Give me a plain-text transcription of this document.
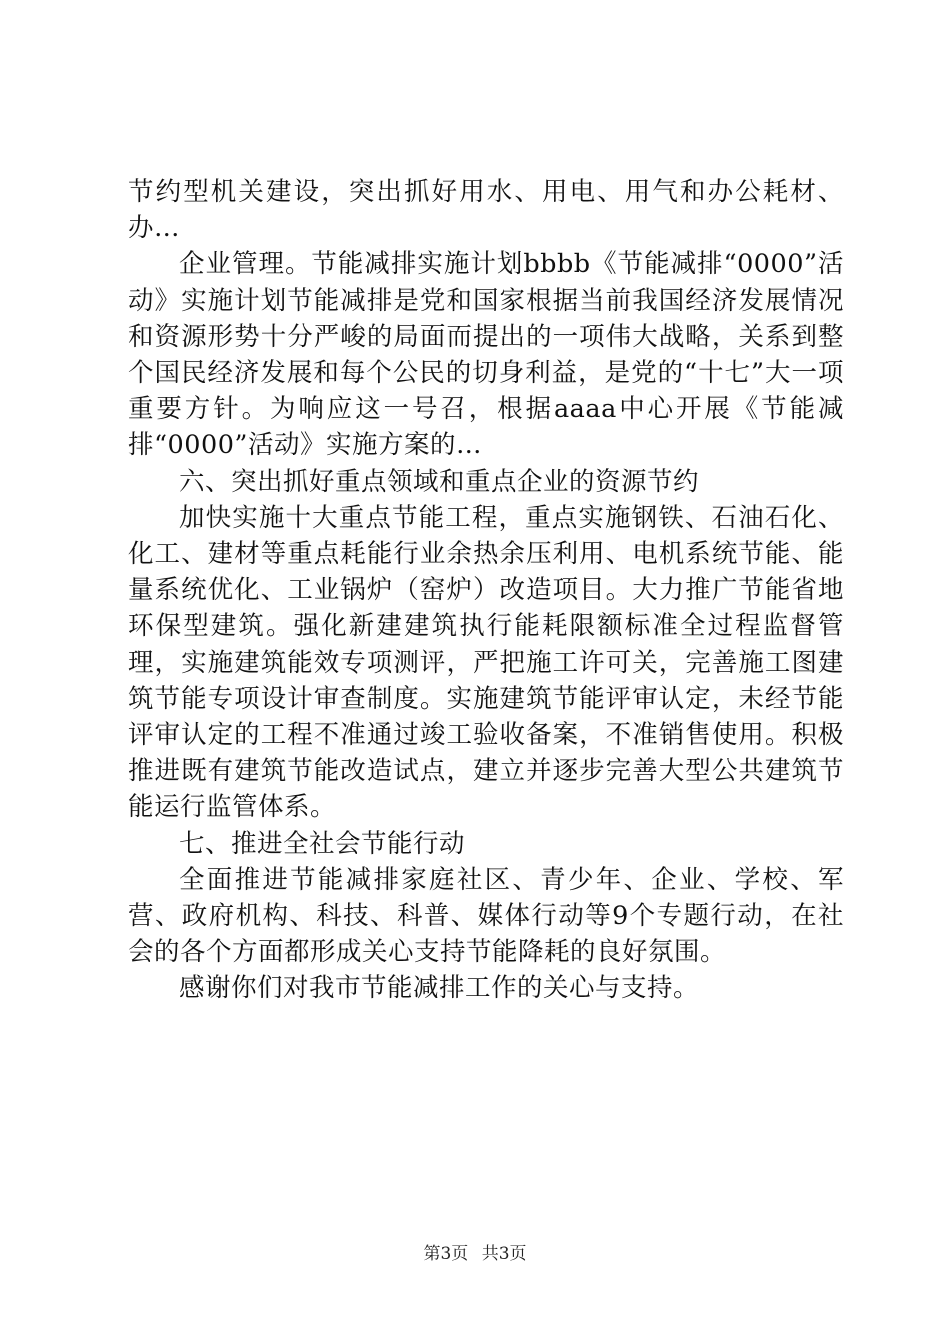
节约型机关建设，突出抓好用水、用电、用气和办公耗材、办…

企业管理。节能减排实施计划bbbb《节能减排“0000”活动》实施计划节能减排是党和国家根据当前我国经济发展情况和资源形势十分严峻的局面而提出的一项伟大战略，关系到整个国民经济发展和每个公民的切身利益，是党的“十七”大一项重要方针。为响应这一号召，根据aaaa中心开展《节能减排“0000”活动》实施方案的…

六、突出抓好重点领域和重点企业的资源节约

加快实施十大重点节能工程，重点实施钢铁、石油石化、化工、建材等重点耗能行业余热余压利用、电机系统节能、能量系统优化、工业锅炉（窑炉）改造项目。大力推广节能省地环保型建筑。强化新建建筑执行能耗限额标准全过程监督管理，实施建筑能效专项测评，严把施工许可关，完善施工图建筑节能专项设计审查制度。实施建筑节能评审认定，未经节能评审认定的工程不准通过竣工验收备案，不准销售使用。积极推进既有建筑节能改造试点，建立并逐步完善大型公共建筑节能运行监管体系。

七、推进全社会节能行动

全面推进节能减排家庭社区、青少年、企业、学校、军营、政府机构、科技、科普、媒体行动等9个专题行动，在社会的各个方面都形成关心支持节能降耗的良好氛围。

感谢你们对我市节能减排工作的关心与支持。

第3页 共3页
